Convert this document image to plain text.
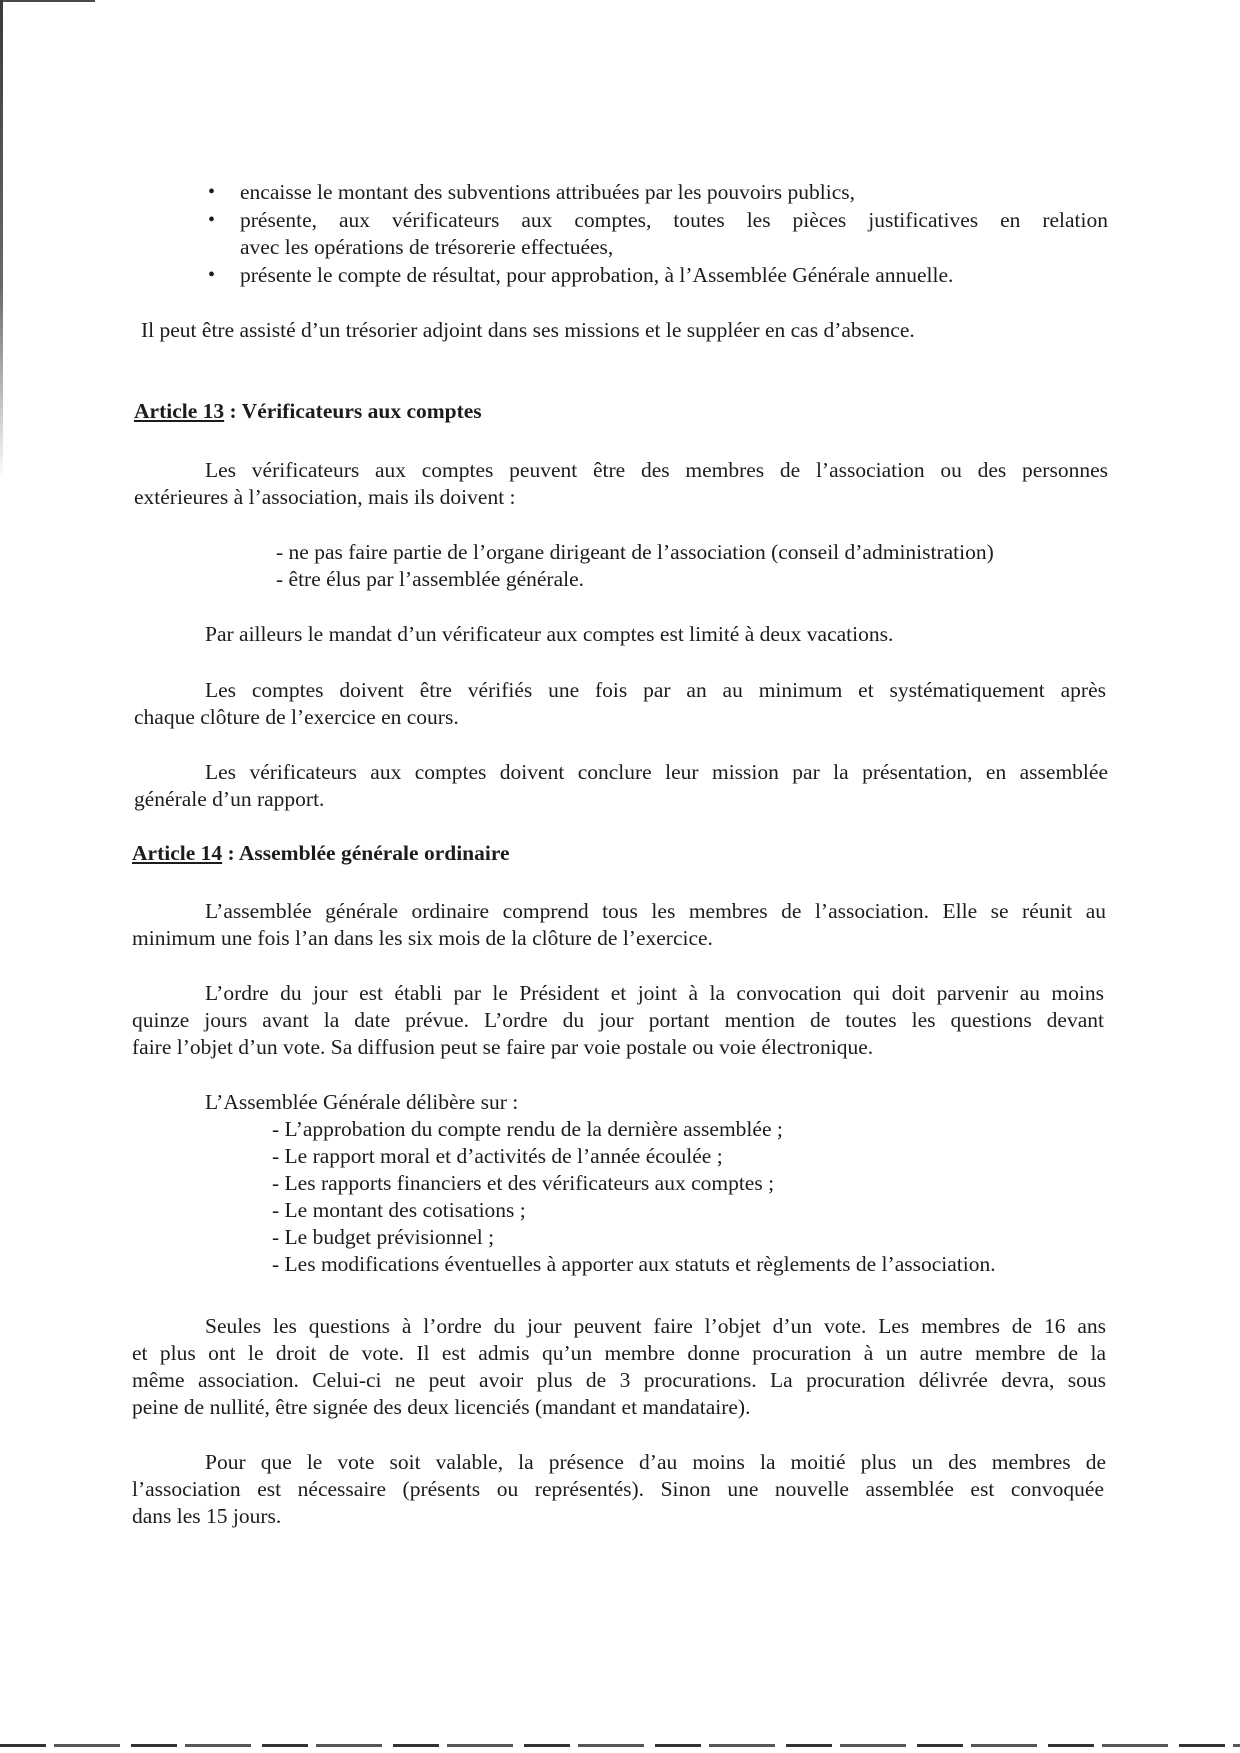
•	encaisse le montant des subventions attribuées par les pouvoirs publics,
•	présente, aux vérificateurs aux comptes, toutes les pièces justificatives en relation
avec les opérations de trésorerie effectuées,
•	présente le compte de résultat, pour approbation, à l’Assemblée Générale annuelle.
Il peut être assisté d’un trésorier adjoint dans ses missions et le suppléer en cas d’absence.
Article 13 : Vérificateurs aux comptes
Les vérificateurs aux comptes peuvent être des membres de l’association ou des personnes
extérieures à l’association, mais ils doivent :
- ne pas faire partie de l’organe dirigeant de l’association (conseil d’administration)
- être élus par l’assemblée générale.
Par ailleurs le mandat d’un vérificateur aux comptes est limité à deux vacations.
Les comptes doivent être vérifiés une fois par an au minimum et systématiquement après
chaque clôture de l’exercice en cours.
Les vérificateurs aux comptes doivent conclure leur mission par la présentation, en assemblée
générale d’un rapport.
Article 14 : Assemblée générale ordinaire
L’assemblée générale ordinaire comprend tous les membres de l’association. Elle se réunit au
minimum une fois l’an dans les six mois de la clôture de l’exercice.
L’ordre du jour est établi par le Président et joint à la convocation qui doit parvenir au moins
quinze jours avant la date prévue. L’ordre du jour portant mention de toutes les questions devant
faire l’objet d’un vote. Sa diffusion peut se faire par voie postale ou voie électronique.
L’Assemblée Générale délibère sur :
- L’approbation du compte rendu de la dernière assemblée ;
- Le rapport moral et d’activités de l’année écoulée ;
- Les rapports financiers et des vérificateurs aux comptes ;
- Le montant des cotisations ;
- Le budget prévisionnel ;
- Les modifications éventuelles à apporter aux statuts et règlements de l’association.
Seules les questions à l’ordre du jour peuvent faire l’objet d’un vote. Les membres de 16 ans
et plus ont le droit de vote. Il est admis qu’un membre donne procuration à un autre membre de la
même association. Celui-ci ne peut avoir plus de 3 procurations. La procuration délivrée devra, sous
peine de nullité, être signée des deux licenciés (mandant et mandataire).
Pour que le vote soit valable, la présence d’au moins la moitié plus un des membres de
l’association est nécessaire (présents ou représentés). Sinon une nouvelle assemblée est convoquée
dans les 15 jours.
